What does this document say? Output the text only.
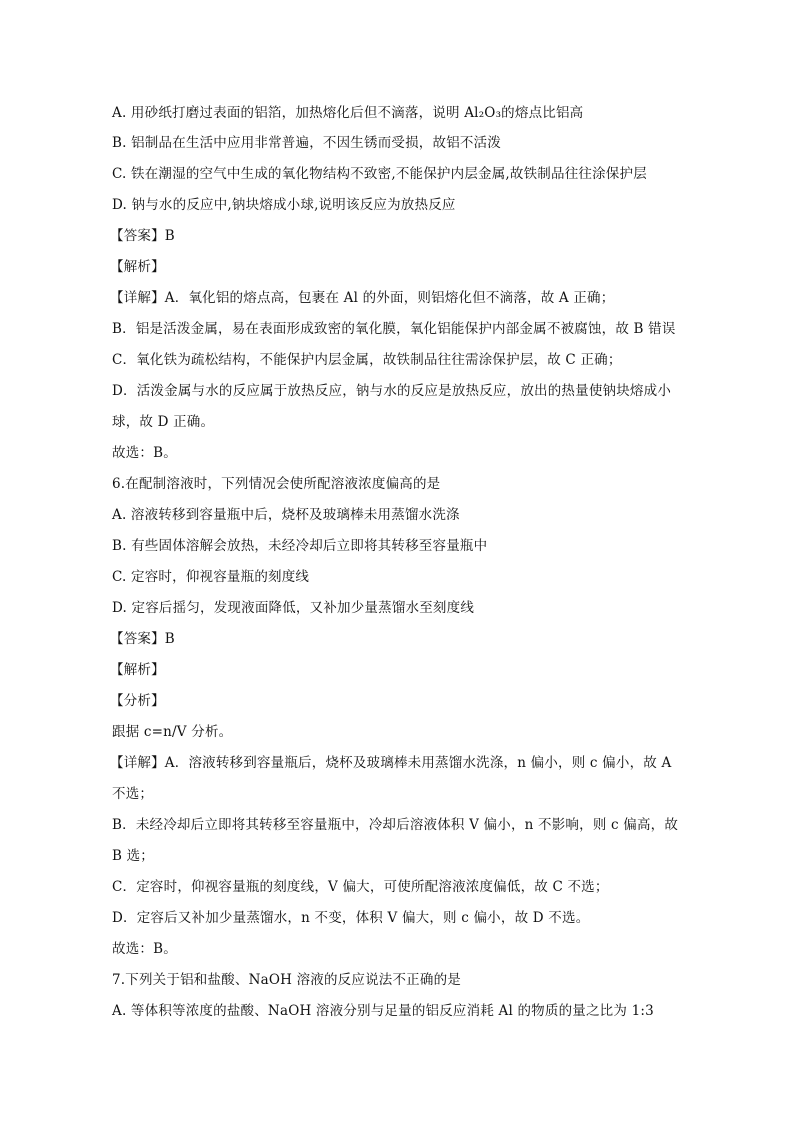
A. 用砂纸打磨过表面的铝箔，加热熔化后但不滴落，说明 Al₂O₃的熔点比铝高
B. 铝制品在生活中应用非常普遍，不因生锈而受损，故铝不活泼
C. 铁在潮湿的空气中生成的氧化物结构不致密,不能保护内层金属,故铁制品往往涂保护层
D. 钠与水的反应中,钠块熔成小球,说明该反应为放热反应
【答案】B
【解析】
【详解】A．氧化铝的熔点高，包裹在 Al 的外面，则铝熔化但不滴落，故 A 正确；
B．铝是活泼金属，易在表面形成致密的氧化膜，氧化铝能保护内部金属不被腐蚀，故 B 错误
C．氧化铁为疏松结构，不能保护内层金属，故铁制品往往需涂保护层，故 C 正确；
D．活泼金属与水的反应属于放热反应，钠与水的反应是放热反应，放出的热量使钠块熔成小
球，故 D 正确。
故选：B。
6.在配制溶液时，下列情况会使所配溶液浓度偏高的是
A. 溶液转移到容量瓶中后，烧杯及玻璃棒未用蒸馏水洗涤
B. 有些固体溶解会放热，未经冷却后立即将其转移至容量瓶中
C. 定容时，仰视容量瓶的刻度线
D. 定容后摇匀，发现液面降低，又补加少量蒸馏水至刻度线
【答案】B
【解析】
【分析】
跟据 c=n/V 分析。
【详解】A．溶液转移到容量瓶后，烧杯及玻璃棒未用蒸馏水洗涤，n 偏小，则 c 偏小，故 A
不选；
B．未经冷却后立即将其转移至容量瓶中，冷却后溶液体积 V 偏小，n 不影响，则 c 偏高，故
B 选；
C．定容时，仰视容量瓶的刻度线，V 偏大，可使所配溶液浓度偏低，故 C 不选；
D．定容后又补加少量蒸馏水，n 不变，体积 V 偏大，则 c 偏小，故 D 不选。
故选：B。
7.下列关于铝和盐酸、NaOH 溶液的反应说法不正确的是
A. 等体积等浓度的盐酸、NaOH 溶液分别与足量的铝反应消耗 Al 的物质的量之比为 1:3
